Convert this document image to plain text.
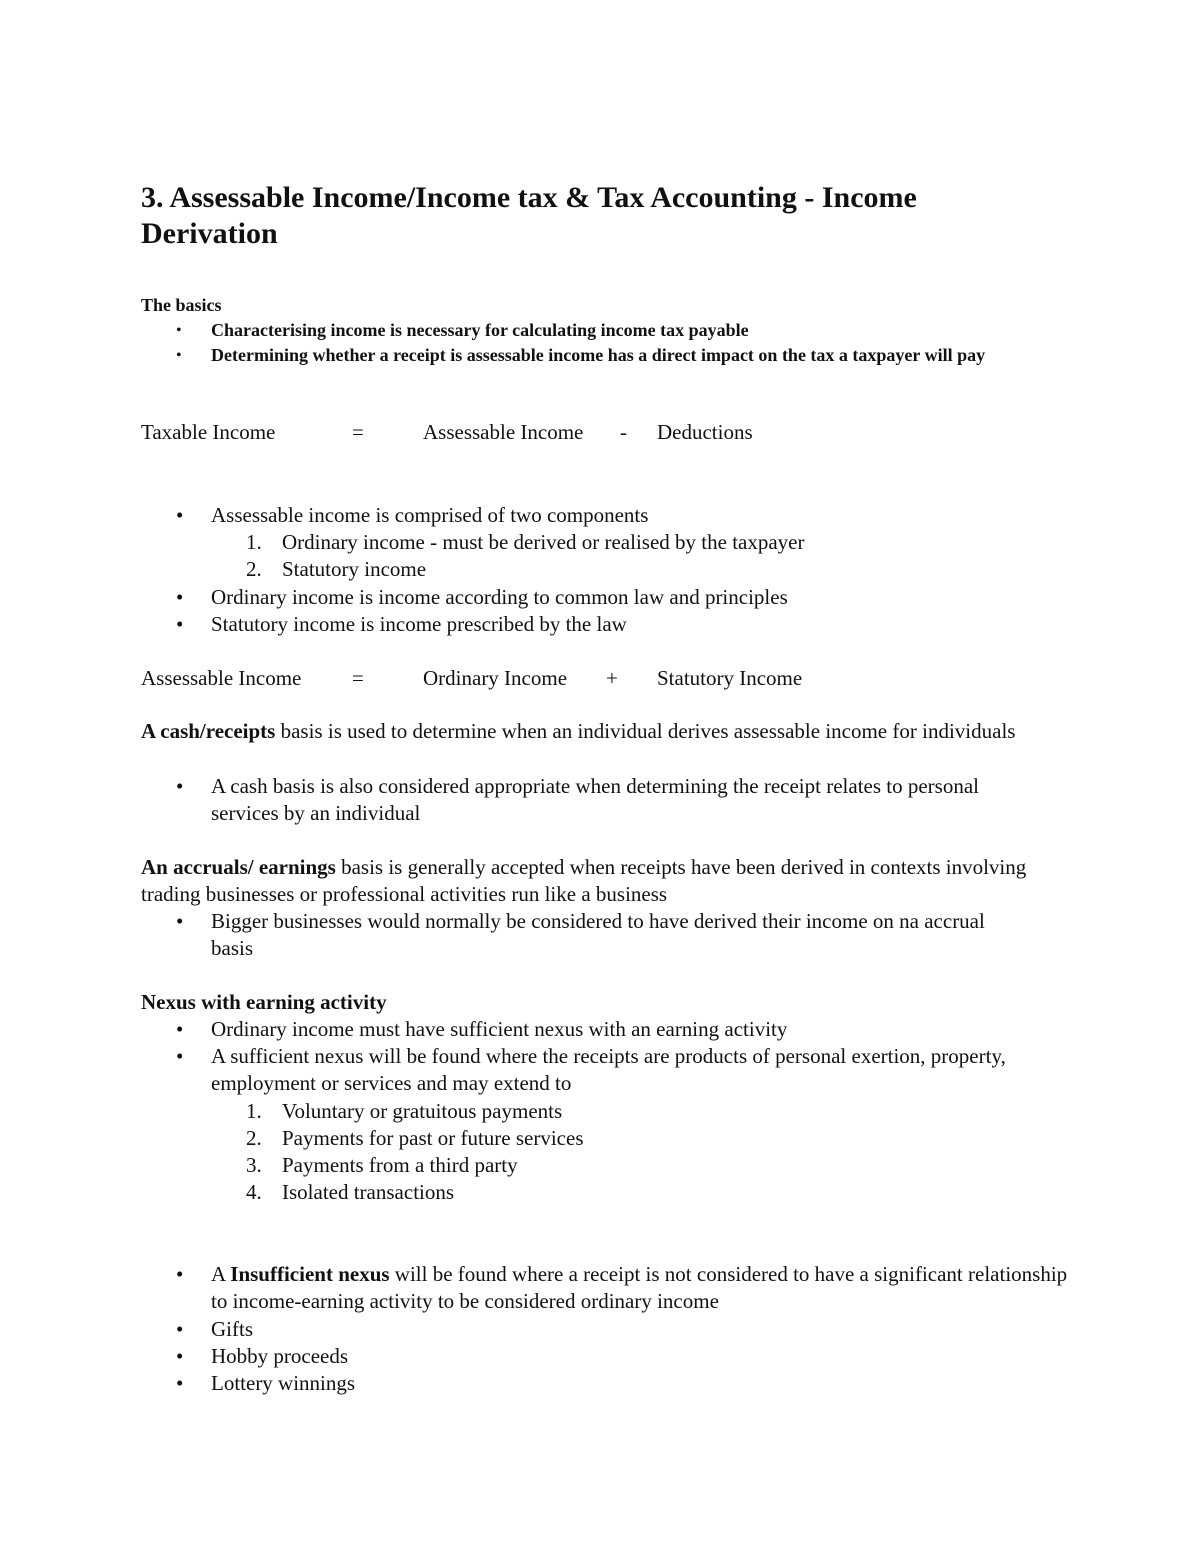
3. Assessable Income/Income tax & Tax Accounting - Income Derivation

The basics

• Characterising income is necessary for calculating income tax payable
• Determining whether a receipt is assessable income has a direct impact on the tax a taxpayer will pay
Taxable Income	=	Assessable Income - Deductions
• Assessable income is comprised of two components
1. Ordinary income - must be derived or realised by the taxpayer
2. Statutory income
• Ordinary income is income according to common law and principles
• Statutory income is income prescribed by the law
Assessable Income =	Ordinary Income + Statutory Income

A cash/receipts basis is used to determine when an individual derives assessable income for individuals

• A cash basis is also considered appropriate when determining the receipt relates to personal services by an individual

An accruals/ earnings basis is generally accepted when receipts have been derived in contexts involving trading businesses or professional activities run like a business

• Bigger businesses would normally be considered to have derived their income on na accrual basis

Nexus with earning activity

• Ordinary income must have sufficient nexus with an earning activity
• A sufficient nexus will be found where the receipts are products of personal exertion, property, employment or services and may extend to
1. Voluntary or gratuitous payments
2. Payments for past or future services
3. Payments from a third party
4. Isolated transactions
• A Insufficient nexus will be found where a receipt is not considered to have a significant relationship to income-earning activity to be considered ordinary income
• Gifts
• Hobby proceeds
• Lottery winnings
